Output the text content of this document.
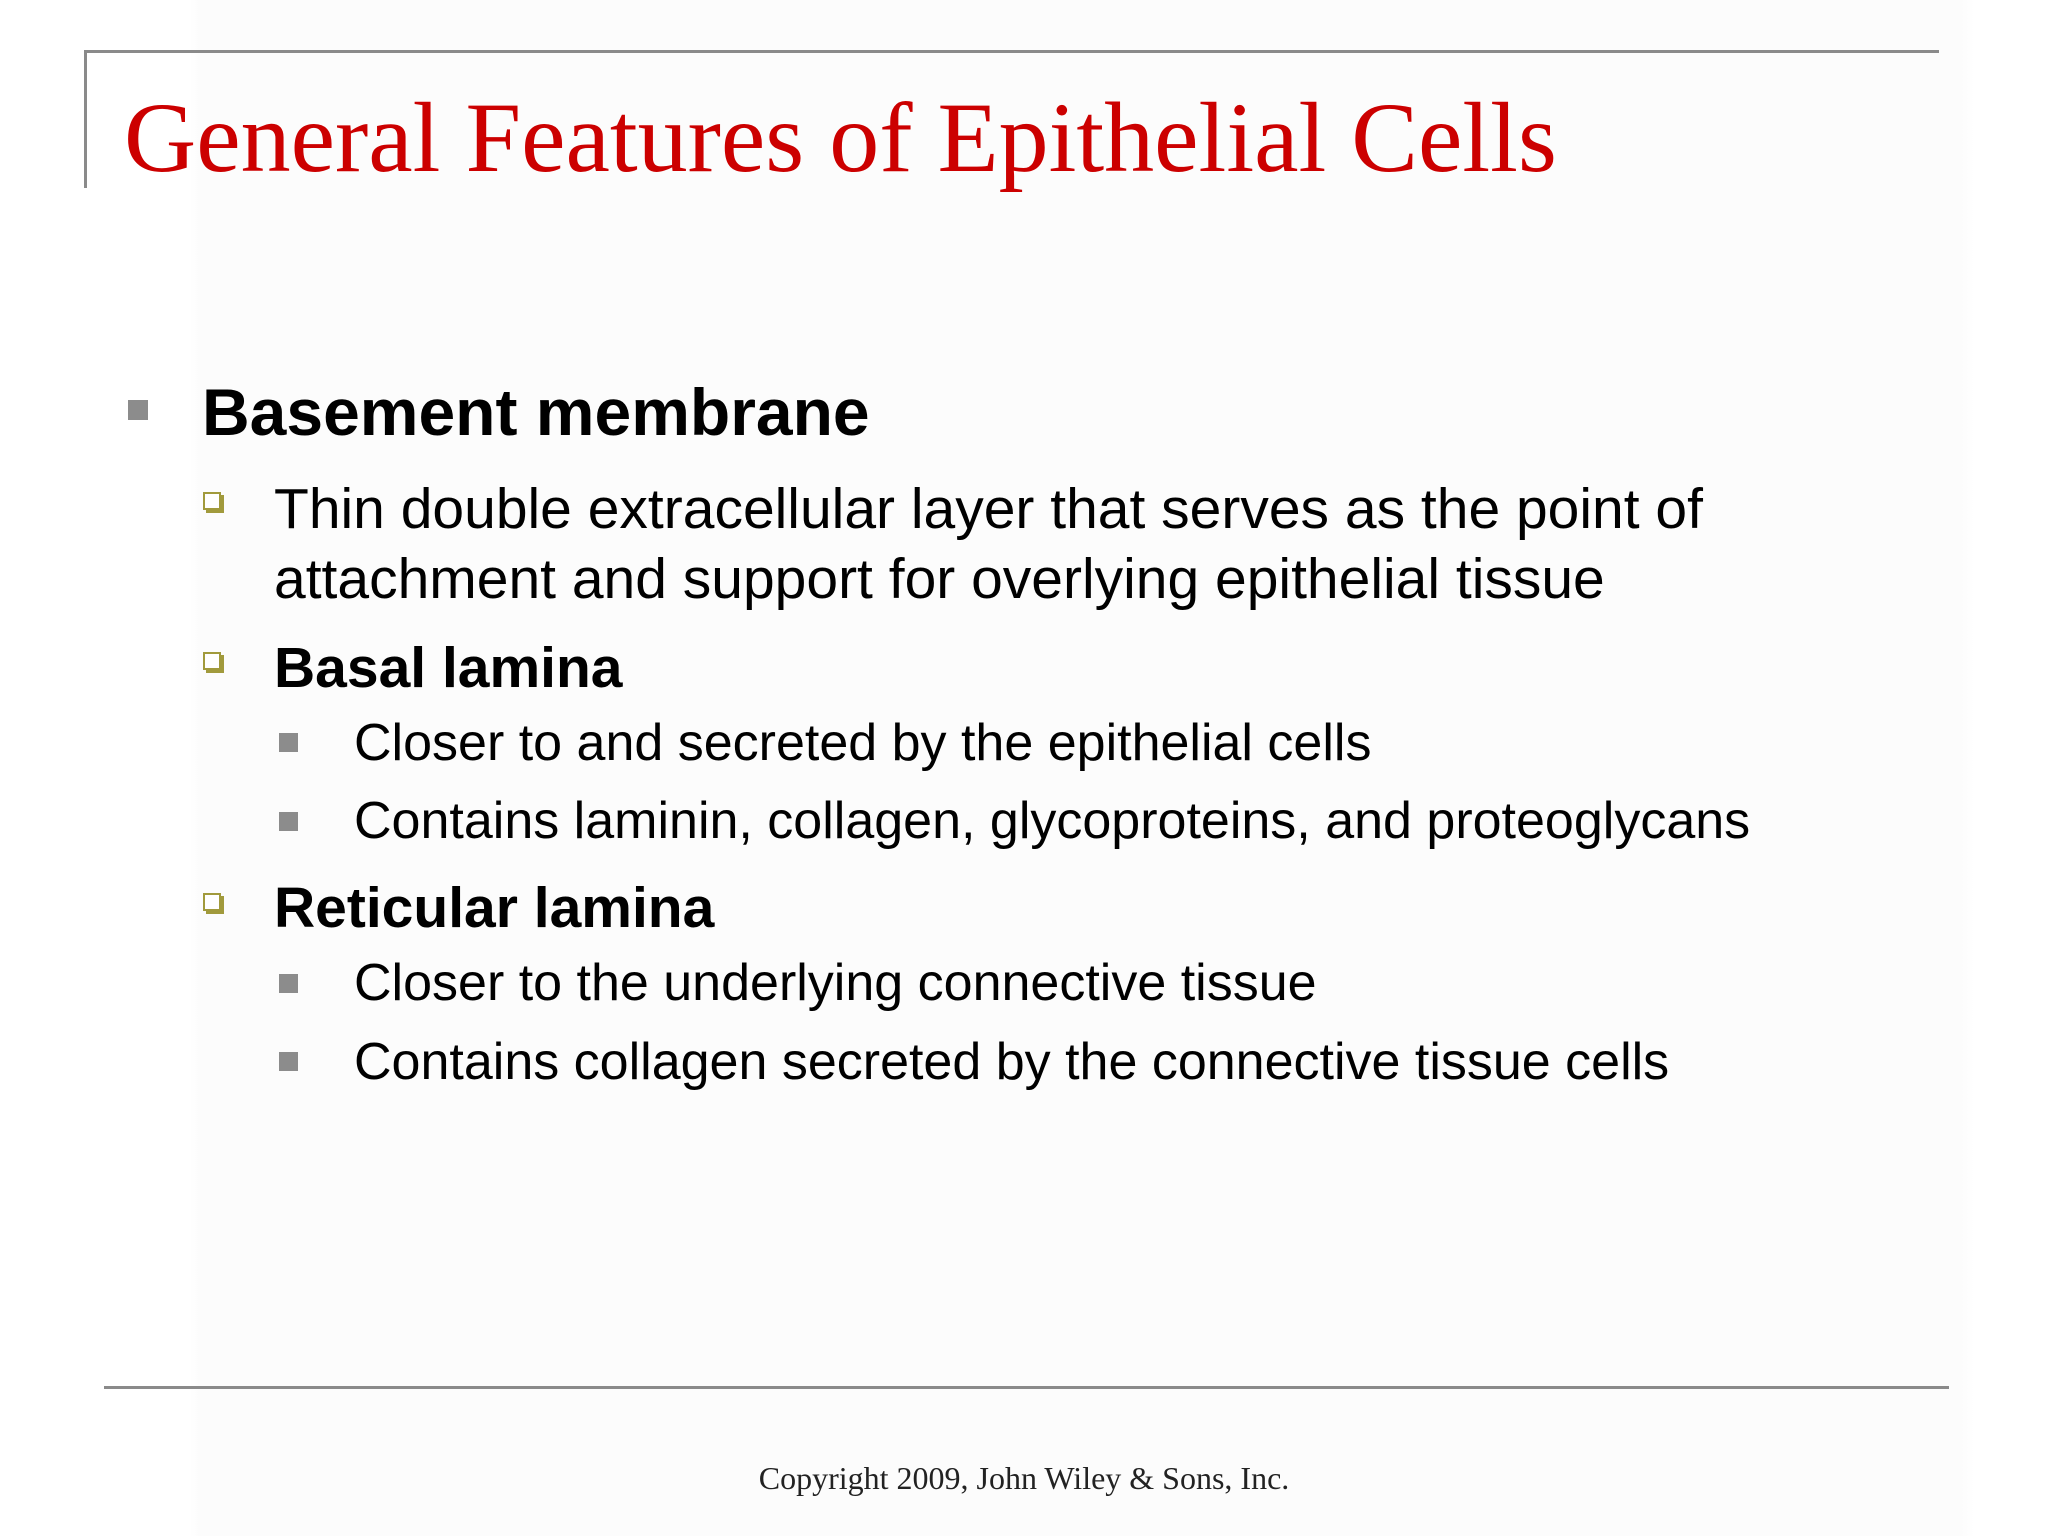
General Features of Epithelial Cells

Basement membrane

Thin double extracellular layer that serves as the point of

attachment and support for overlying epithelial tissue

Basal lamina

Closer to and secreted by the epithelial cells

Contains laminin, collagen, glycoproteins, and proteoglycans

Reticular lamina

Closer to the underlying connective tissue

Contains collagen secreted by the connective tissue cells

Copyright 2009, John Wiley & Sons, Inc.
